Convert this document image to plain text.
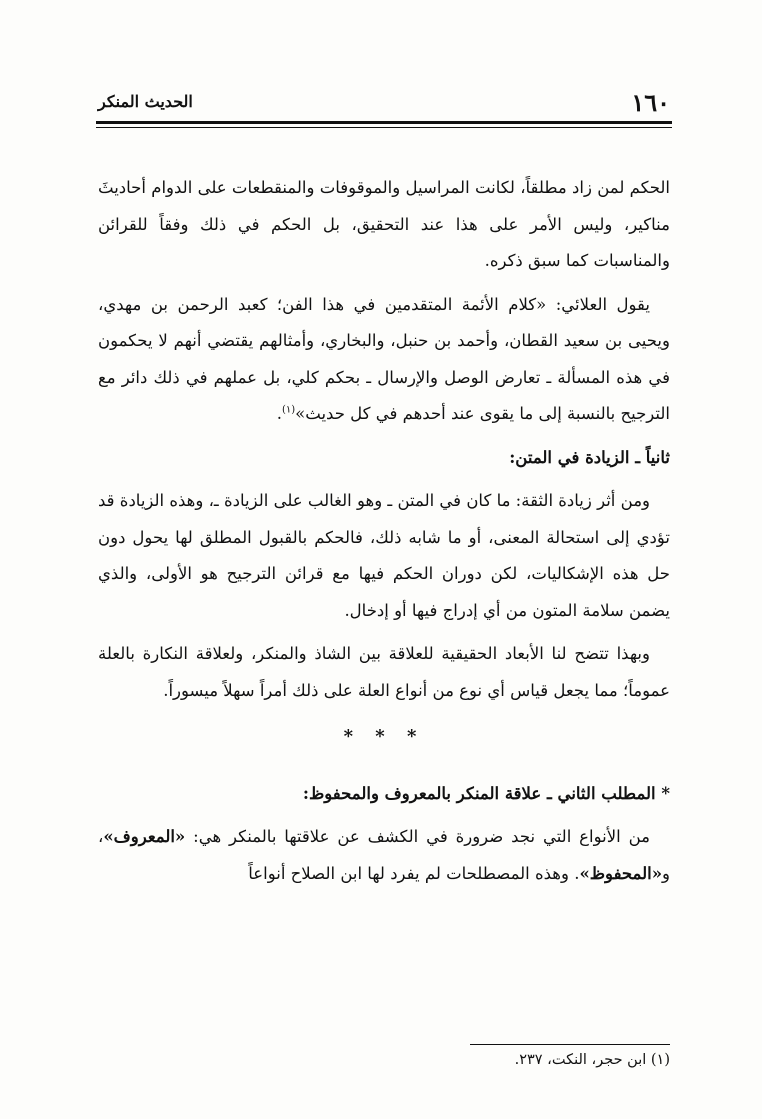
١٦٠
الحديث المنكر

الحكم لمن زاد مطلقاً، لكانت المراسيل والموقوفات والمنقطعات على الدوام أحاديثَ مناكير، وليس الأمر على هذا عند التحقيق، بل الحكم في ذلك وفقاً للقرائن والمناسبات كما سبق ذكره.

يقول العلائي: «كلام الأئمة المتقدمين في هذا الفن؛ كعبد الرحمن بن مهدي، ويحيى بن سعيد القطان، وأحمد بن حنبل، والبخاري، وأمثالهم يقتضي أنهم لا يحكمون في هذه المسألة ـ تعارض الوصل والإرسال ـ بحكم كلي، بل عملهم في ذلك دائر مع الترجيح بالنسبة إلى ما يقوى عند أحدهم في كل حديث»$^{(١)}$.

ثانياً ـ الزيادة في المتن:

ومن أثر زيادة الثقة: ما كان في المتن ـ وهو الغالب على الزيادة ـ، وهذه الزيادة قد تؤدي إلى استحالة المعنى، أو ما شابه ذلك، فالحكم بالقبول المطلق لها يحول دون حل هذه الإشكاليات، لكن دوران الحكم فيها مع قرائن الترجيح هو الأولى، والذي يضمن سلامة المتون من أي إدراج فيها أو إدخال.

وبهذا تتضح لنا الأبعاد الحقيقية للعلاقة بين الشاذ والمنكر، ولعلاقة النكارة بالعلة عموماً؛ مما يجعل قياس أي نوع من أنواع العلة على ذلك أمراً سهلاً ميسوراً.

* * *

* المطلب الثاني ـ علاقة المنكر بالمعروف والمحفوظ:

من الأنواع التي نجد ضرورة في الكشف عن علاقتها بالمنكر هي: «المعروف»، و«المحفوظ». وهذه المصطلحات لم يفرد لها ابن الصلاح أنواعاً

(١) ابن حجر، النكت، ٢٣٧.
